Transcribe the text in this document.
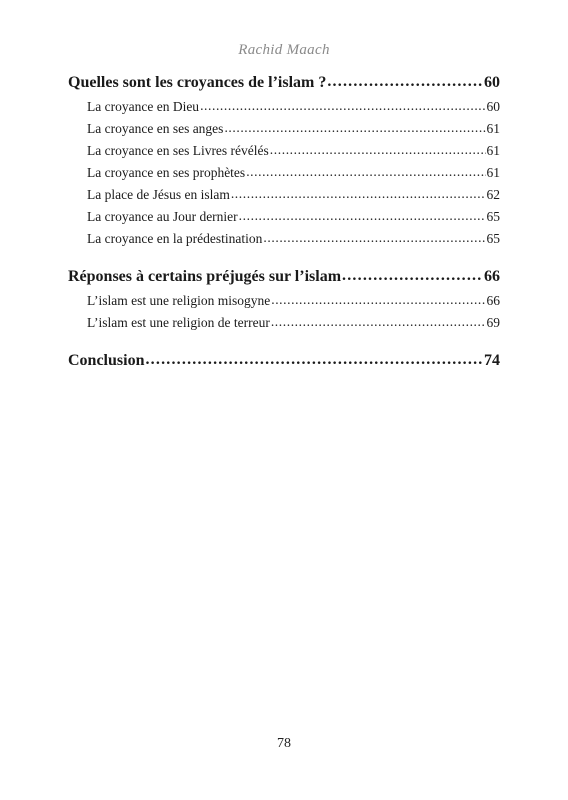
Rachid Maach
Quelles sont les croyances de l’islam ? .....	60
La croyance en Dieu .....	60
La croyance en ses anges .....	61
La croyance en ses Livres révélés .....	61
La croyance en ses prophètes .....	61
La place de Jésus en islam .....	62
La croyance au Jour dernier .....	65
La croyance en la prédestination .....	65
Réponses à certains préjugés sur l’islam .....	66
L’islam est une religion misogyne .....	66
L’islam est une religion de terreur .....	69
Conclusion .....	74
78
